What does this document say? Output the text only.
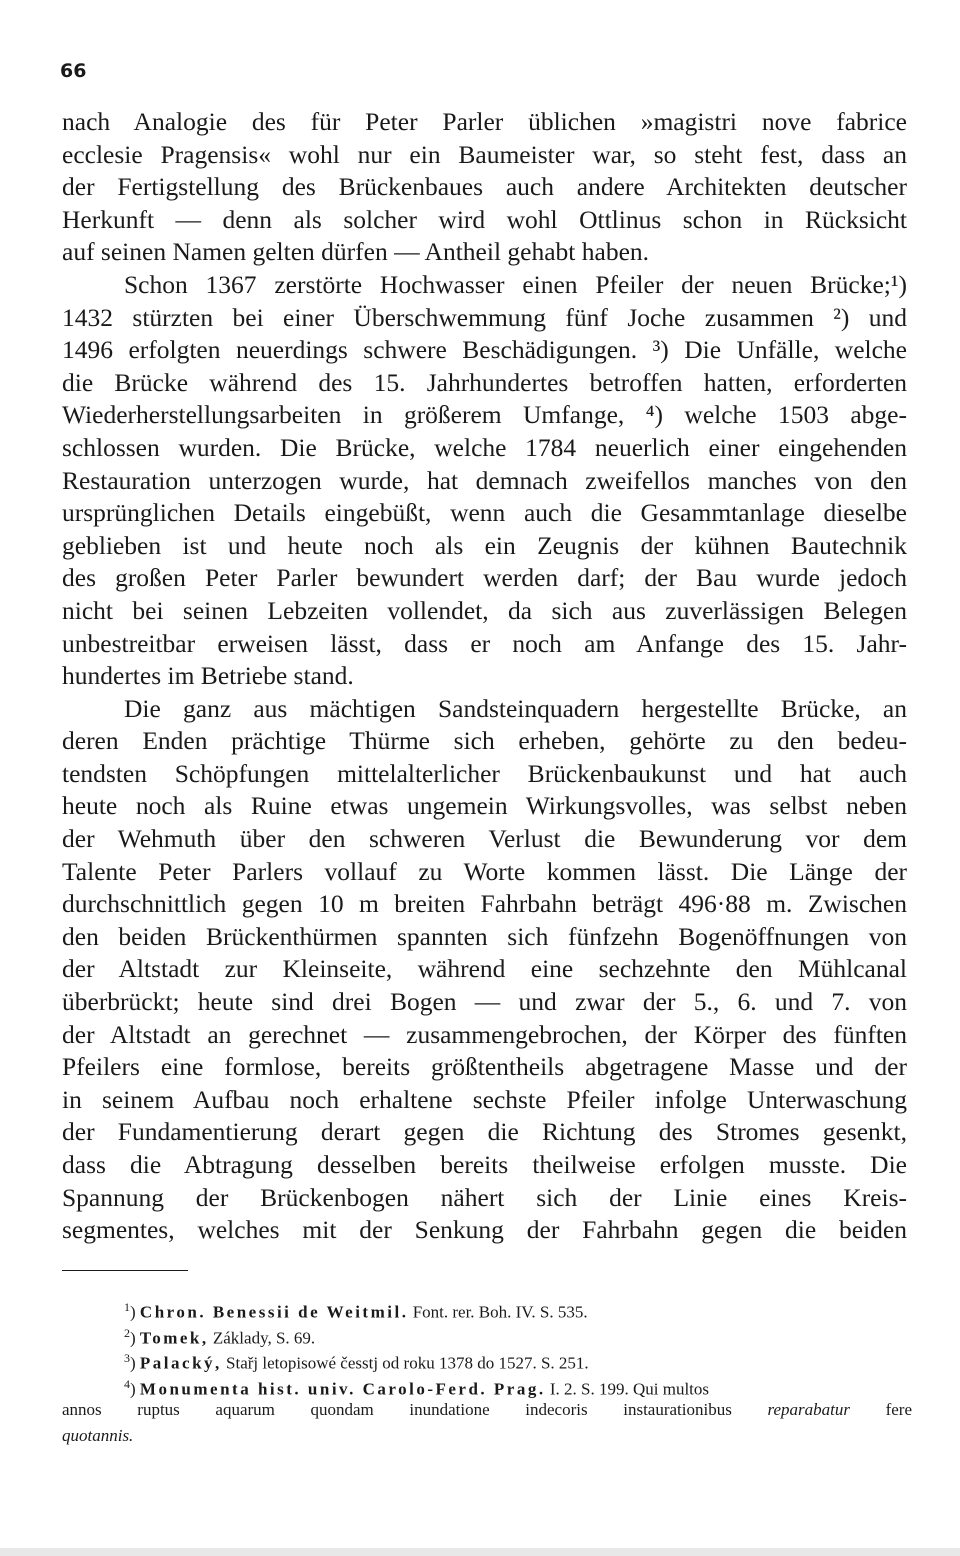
66
nach Analogie des für Peter Parler üblichen »magistri nove fabrice
ecclesie Pragensis« wohl nur ein Baumeister war, so steht fest, dass an
der Fertigstellung des Brückenbaues auch andere Architekten deutscher
Herkunft — denn als solcher wird wohl Ottlinus schon in Rücksicht
auf seinen Namen gelten dürfen — Antheil gehabt haben.
Schon 1367 zerstörte Hochwasser einen Pfeiler der neuen Brücke;¹)
1432 stürzten bei einer Überschwemmung fünf Joche zusammen ²) und
1496 erfolgten neuerdings schwere Beschädigungen. ³) Die Unfälle, welche
die Brücke während des 15. Jahrhundertes betroffen hatten, erforderten
Wiederherstellungsarbeiten in größerem Umfange, ⁴) welche 1503 abge-
schlossen wurden. Die Brücke, welche 1784 neuerlich einer eingehenden
Restauration unterzogen wurde, hat demnach zweifellos manches von den
ursprünglichen Details eingebüßt, wenn auch die Gesammtanlage dieselbe
geblieben ist und heute noch als ein Zeugnis der kühnen Bautechnik
des großen Peter Parler bewundert werden darf; der Bau wurde jedoch
nicht bei seinen Lebzeiten vollendet, da sich aus zuverlässigen Belegen
unbestreitbar erweisen lässt, dass er noch am Anfange des 15. Jahr-
hundertes im Betriebe stand.
Die ganz aus mächtigen Sandsteinquadern hergestellte Brücke, an
deren Enden prächtige Thürme sich erheben, gehörte zu den bedeu-
tendsten Schöpfungen mittelalterlicher Brückenbaukunst und hat auch
heute noch als Ruine etwas ungemein Wirkungsvolles, was selbst neben
der Wehmuth über den schweren Verlust die Bewunderung vor dem
Talente Peter Parlers vollauf zu Worte kommen lässt. Die Länge der
durchschnittlich gegen 10 m breiten Fahrbahn beträgt 496·88 m. Zwischen
den beiden Brückenthürmen spannten sich fünfzehn Bogenöffnungen von
der Altstadt zur Kleinseite, während eine sechzehnte den Mühlcanal
überbrückt; heute sind drei Bogen — und zwar der 5., 6. und 7. von
der Altstadt an gerechnet — zusammengebrochen, der Körper des fünften
Pfeilers eine formlose, bereits größtentheils abgetragene Masse und der
in seinem Aufbau noch erhaltene sechste Pfeiler infolge Unterwaschung
der Fundamentierung derart gegen die Richtung des Stromes gesenkt,
dass die Abtragung desselben bereits theilweise erfolgen musste. Die
Spannung der Brückenbogen nähert sich der Linie eines Kreis-
segmentes, welches mit der Senkung der Fahrbahn gegen die beiden
$^1$) Chron. Benessii de Weitmil. Font. rer. Boh. IV. S. 535.
$^2$) Tomek, Základy, S. 69.
$^3$) Palacký, Stařj letopisowé česstj od roku 1378 do 1527. S. 251.
$^4$) Monumenta hist. univ. Carolo-Ferd. Prag. I. 2. S. 199. Qui multos
annos ruptus aquarum quondam inundatione indecoris instaurationibus reparabatur fere
quotannis.
